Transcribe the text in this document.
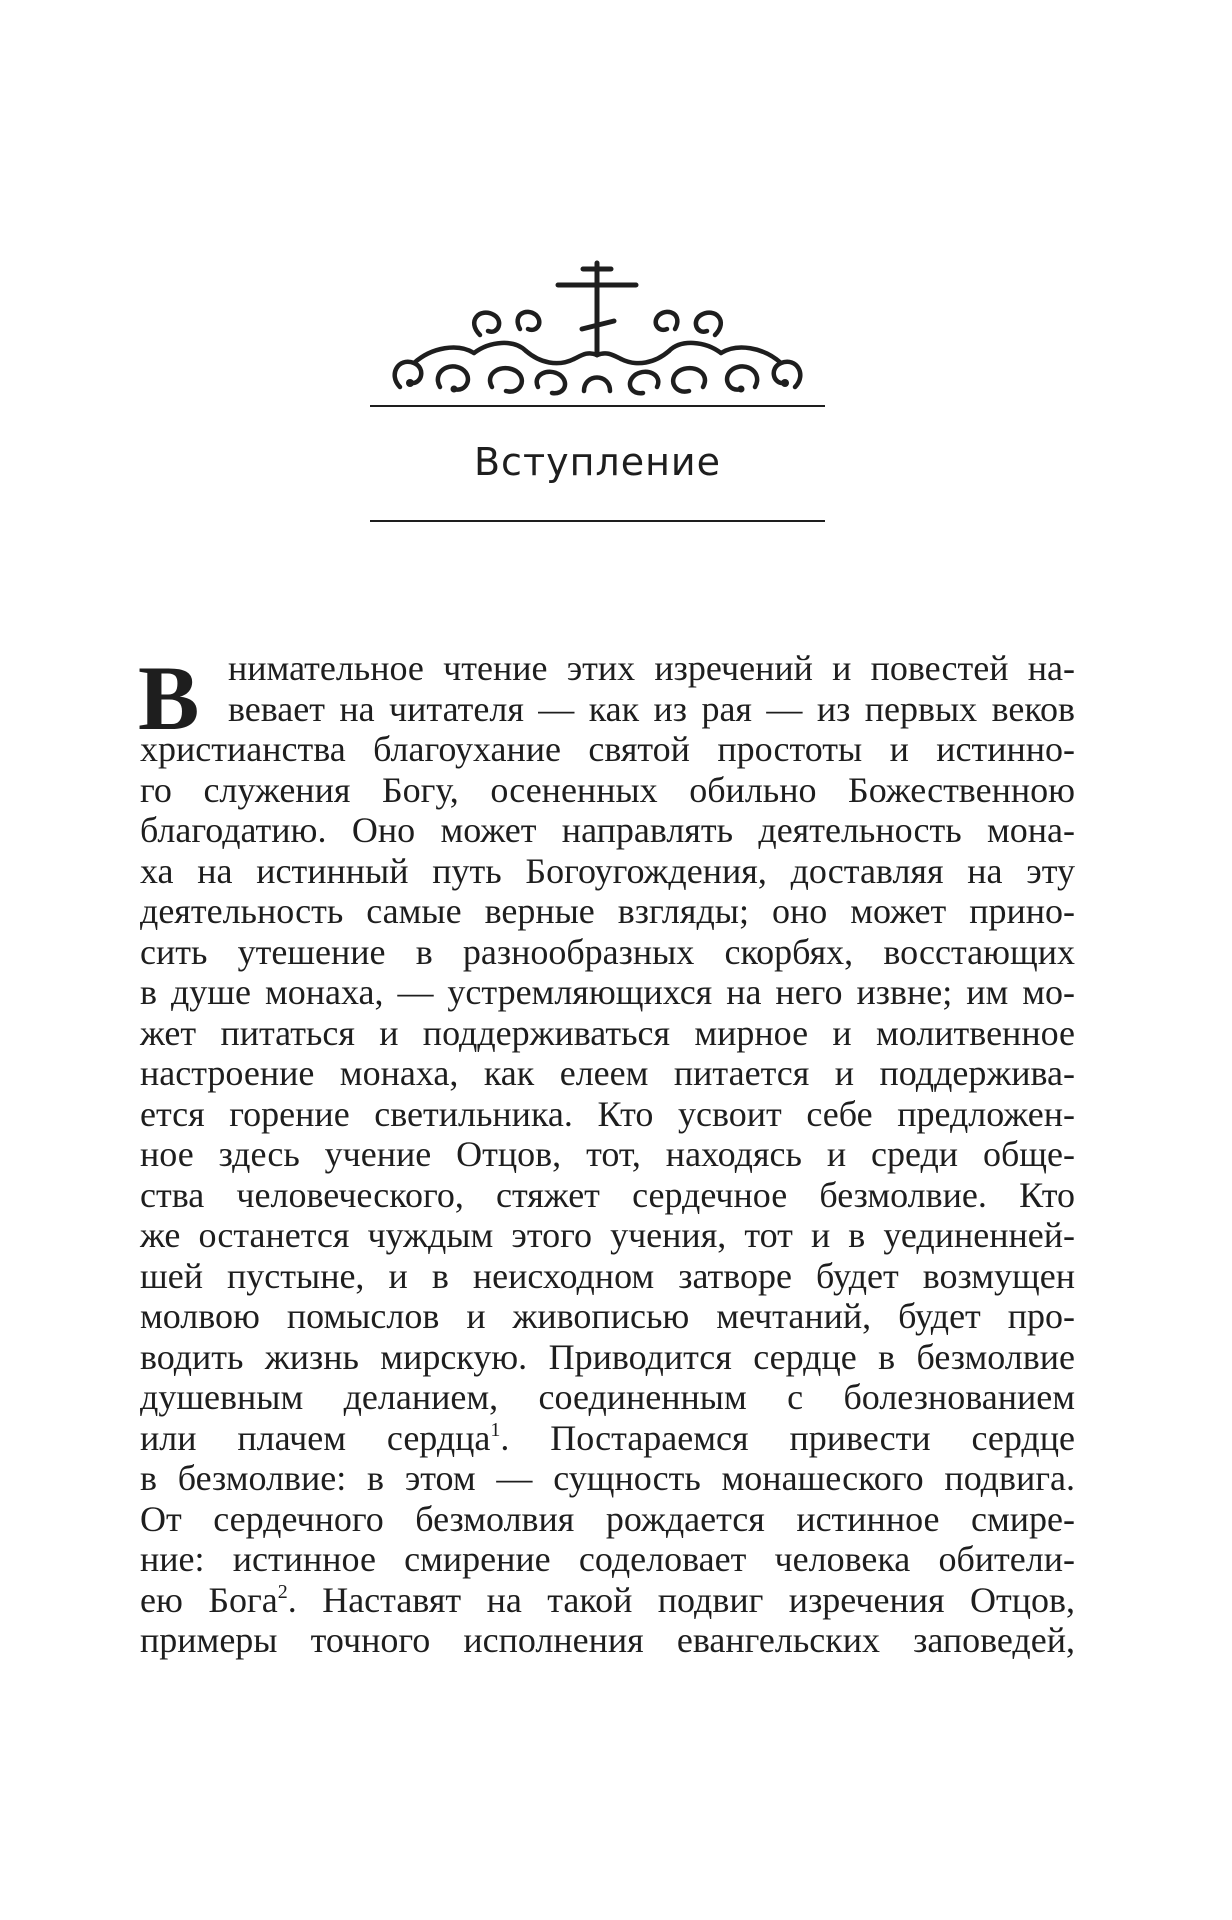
Вступление
В нимательное чтение этих изречений и повестей на-
вевает на читателя — как из рая — из первых веков
христианства благоухание святой простоты и истинно-
го служения Богу, осененных обильно Божественною
благодатию. Оно может направлять деятельность мона-
ха на истинный путь Богоугождения, доставляя на эту
деятельность самые верные взгляды; оно может прино-
сить утешение в разнообразных скорбях, восстающих
в душе монаха, — устремляющихся на него извне; им мо-
жет питаться и поддерживаться мирное и молитвенное
настроение монаха, как елеем питается и поддержива-
ется горение светильника. Кто усвоит себе предложен-
ное здесь учение Отцов, тот, находясь и среди обще-
ства человеческого, стяжет сердечное безмолвие. Кто
же останется чуждым этого учения, тот и в уединенней-
шей пустыне, и в неисходном затворе будет возмущен
молвою помыслов и живописью мечтаний, будет про-
водить жизнь мирскую. Приводится сердце в безмолвие
душевным деланием, соединенным с болезнованием
или плачем сердца$^1$. Постараемся привести сердце
в безмолвие: в этом — сущность монашеского подвига.
От сердечного безмолвия рождается истинное смире-
ние: истинное смирение соделовает человека обители-
ею Бога$^2$. Наставят на такой подвиг изречения Отцов,
примеры точного исполнения евангельских заповедей,
